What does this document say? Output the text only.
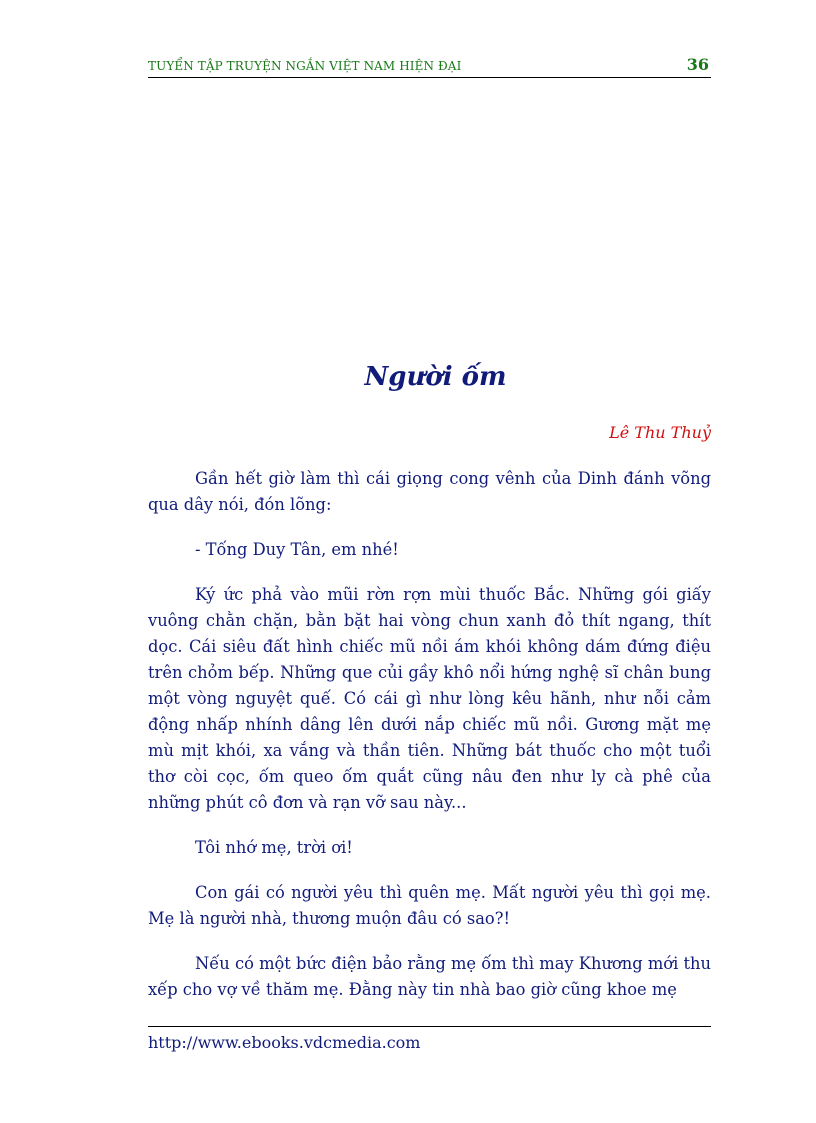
TUYỂN TẬP TRUYỆN NGẮN VIỆT NAM HIỆN ĐẠI	36
Người ốm
Lê Thu Thuỷ

Gần hết giờ làm thì cái giọng cong vênh của Dinh đánh võng qua dây nói, đón lõng:

- Tống Duy Tân, em nhé!

Ký ức phả vào mũi rờn rợn mùi thuốc Bắc. Những gói giấy vuông chằn chặn, bằn bặt hai vòng chun xanh đỏ thít ngang, thít dọc. Cái siêu đất hình chiếc mũ nồi ám khói không dám đứng điệu trên chỏm bếp. Những que củi gầy khô nổi hứng nghệ sĩ chân bung một vòng nguyệt quế. Có cái gì như lòng kêu hãnh, như nỗi cảm động nhấp nhính dâng lên dưới nắp chiếc mũ nồi. Gương mặt mẹ mù mịt khói, xa vắng và thần tiên. Những bát thuốc cho một tuổi thơ còi cọc, ốm queo ốm quắt cũng nâu đen như ly cà phê của những phút cô đơn và rạn vỡ sau này...

Tôi nhớ mẹ, trời ơi!

Con gái có người yêu thì quên mẹ. Mất người yêu thì gọi mẹ. Mẹ là người nhà, thương muộn đâu có sao?!

Nếu có một bức điện bảo rằng mẹ ốm thì may Khương mới thu xếp cho vợ về thăm mẹ. Đằng này tin nhà bao giờ cũng khoe mẹ

http://www.ebooks.vdcmedia.com
